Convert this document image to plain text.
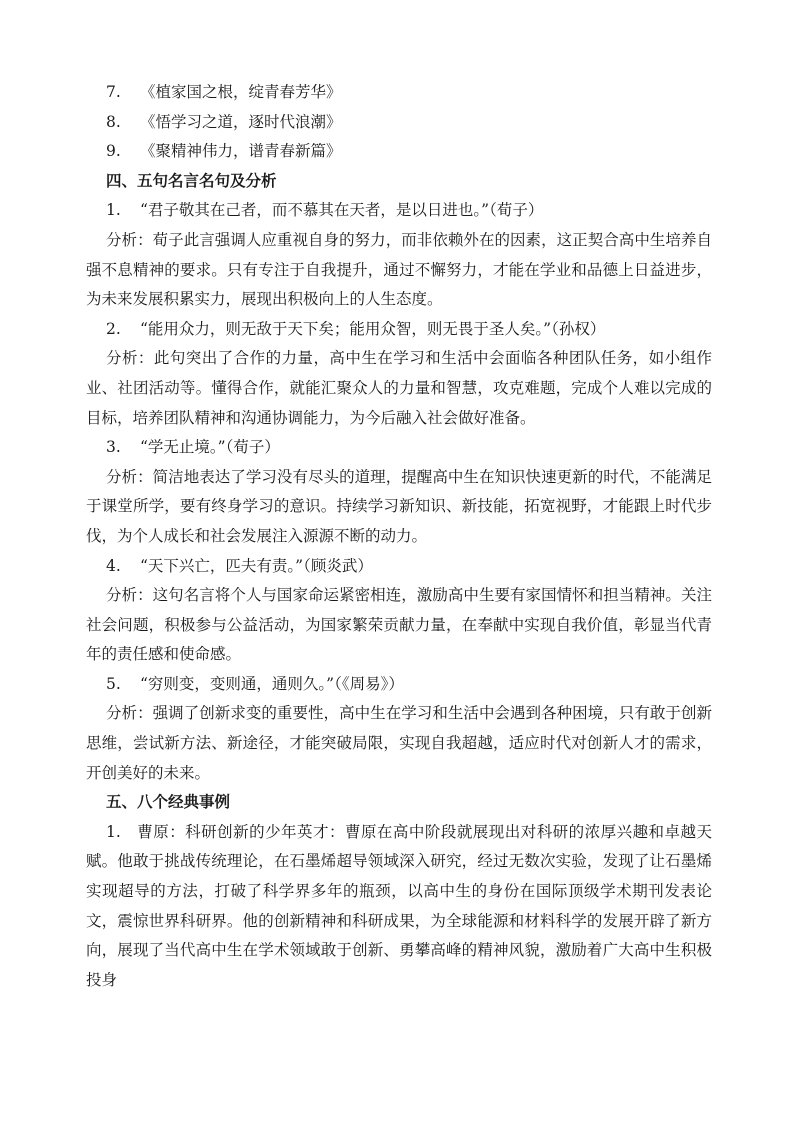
7. 《植家国之根，绽青春芳华》
8. 《悟学习之道，逐时代浪潮》
9. 《聚精神伟力，谱青春新篇》
四、五句名言名句及分析
1. “君子敬其在己者，而不慕其在天者，是以日进也。”（荀子）

分析：荀子此言强调人应重视自身的努力，而非依赖外在的因素，这正契合高中生培养自强不息精神的要求。只有专注于自我提升，通过不懈努力，才能在学业和品德上日益进步，为未来发展积累实力，展现出积极向上的人生态度。

2. “能用众力，则无敌于天下矣；能用众智，则无畏于圣人矣。”（孙权）

分析：此句突出了合作的力量，高中生在学习和生活中会面临各种团队任务，如小组作业、社团活动等。懂得合作，就能汇聚众人的力量和智慧，攻克难题，完成个人难以完成的目标，培养团队精神和沟通协调能力，为今后融入社会做好准备。

3. “学无止境。”（荀子）

分析：简洁地表达了学习没有尽头的道理，提醒高中生在知识快速更新的时代，不能满足于课堂所学，要有终身学习的意识。持续学习新知识、新技能，拓宽视野，才能跟上时代步伐，为个人成长和社会发展注入源源不断的动力。

4. “天下兴亡，匹夫有责。”（顾炎武）

分析：这句名言将个人与国家命运紧密相连，激励高中生要有家国情怀和担当精神。关注社会问题，积极参与公益活动，为国家繁荣贡献力量，在奉献中实现自我价值，彰显当代青年的责任感和使命感。

5. “穷则变，变则通，通则久。”（《周易》）

分析：强调了创新求变的重要性，高中生在学习和生活中会遇到各种困境，只有敢于创新思维，尝试新方法、新途径，才能突破局限，实现自我超越，适应时代对创新人才的需求，开创美好的未来。

五、八个经典事例

1.　曹原：科研创新的少年英才：曹原在高中阶段就展现出对科研的浓厚兴趣和卓越天赋。他敢于挑战传统理论，在石墨烯超导领域深入研究，经过无数次实验，发现了让石墨烯实现超导的方法，打破了科学界多年的瓶颈，以高中生的身份在国际顶级学术期刊发表论文，震惊世界科研界。他的创新精神和科研成果，为全球能源和材料科学的发展开辟了新方向，展现了当代高中生在学术领域敢于创新、勇攀高峰的精神风貌，激励着广大高中生积极投身
